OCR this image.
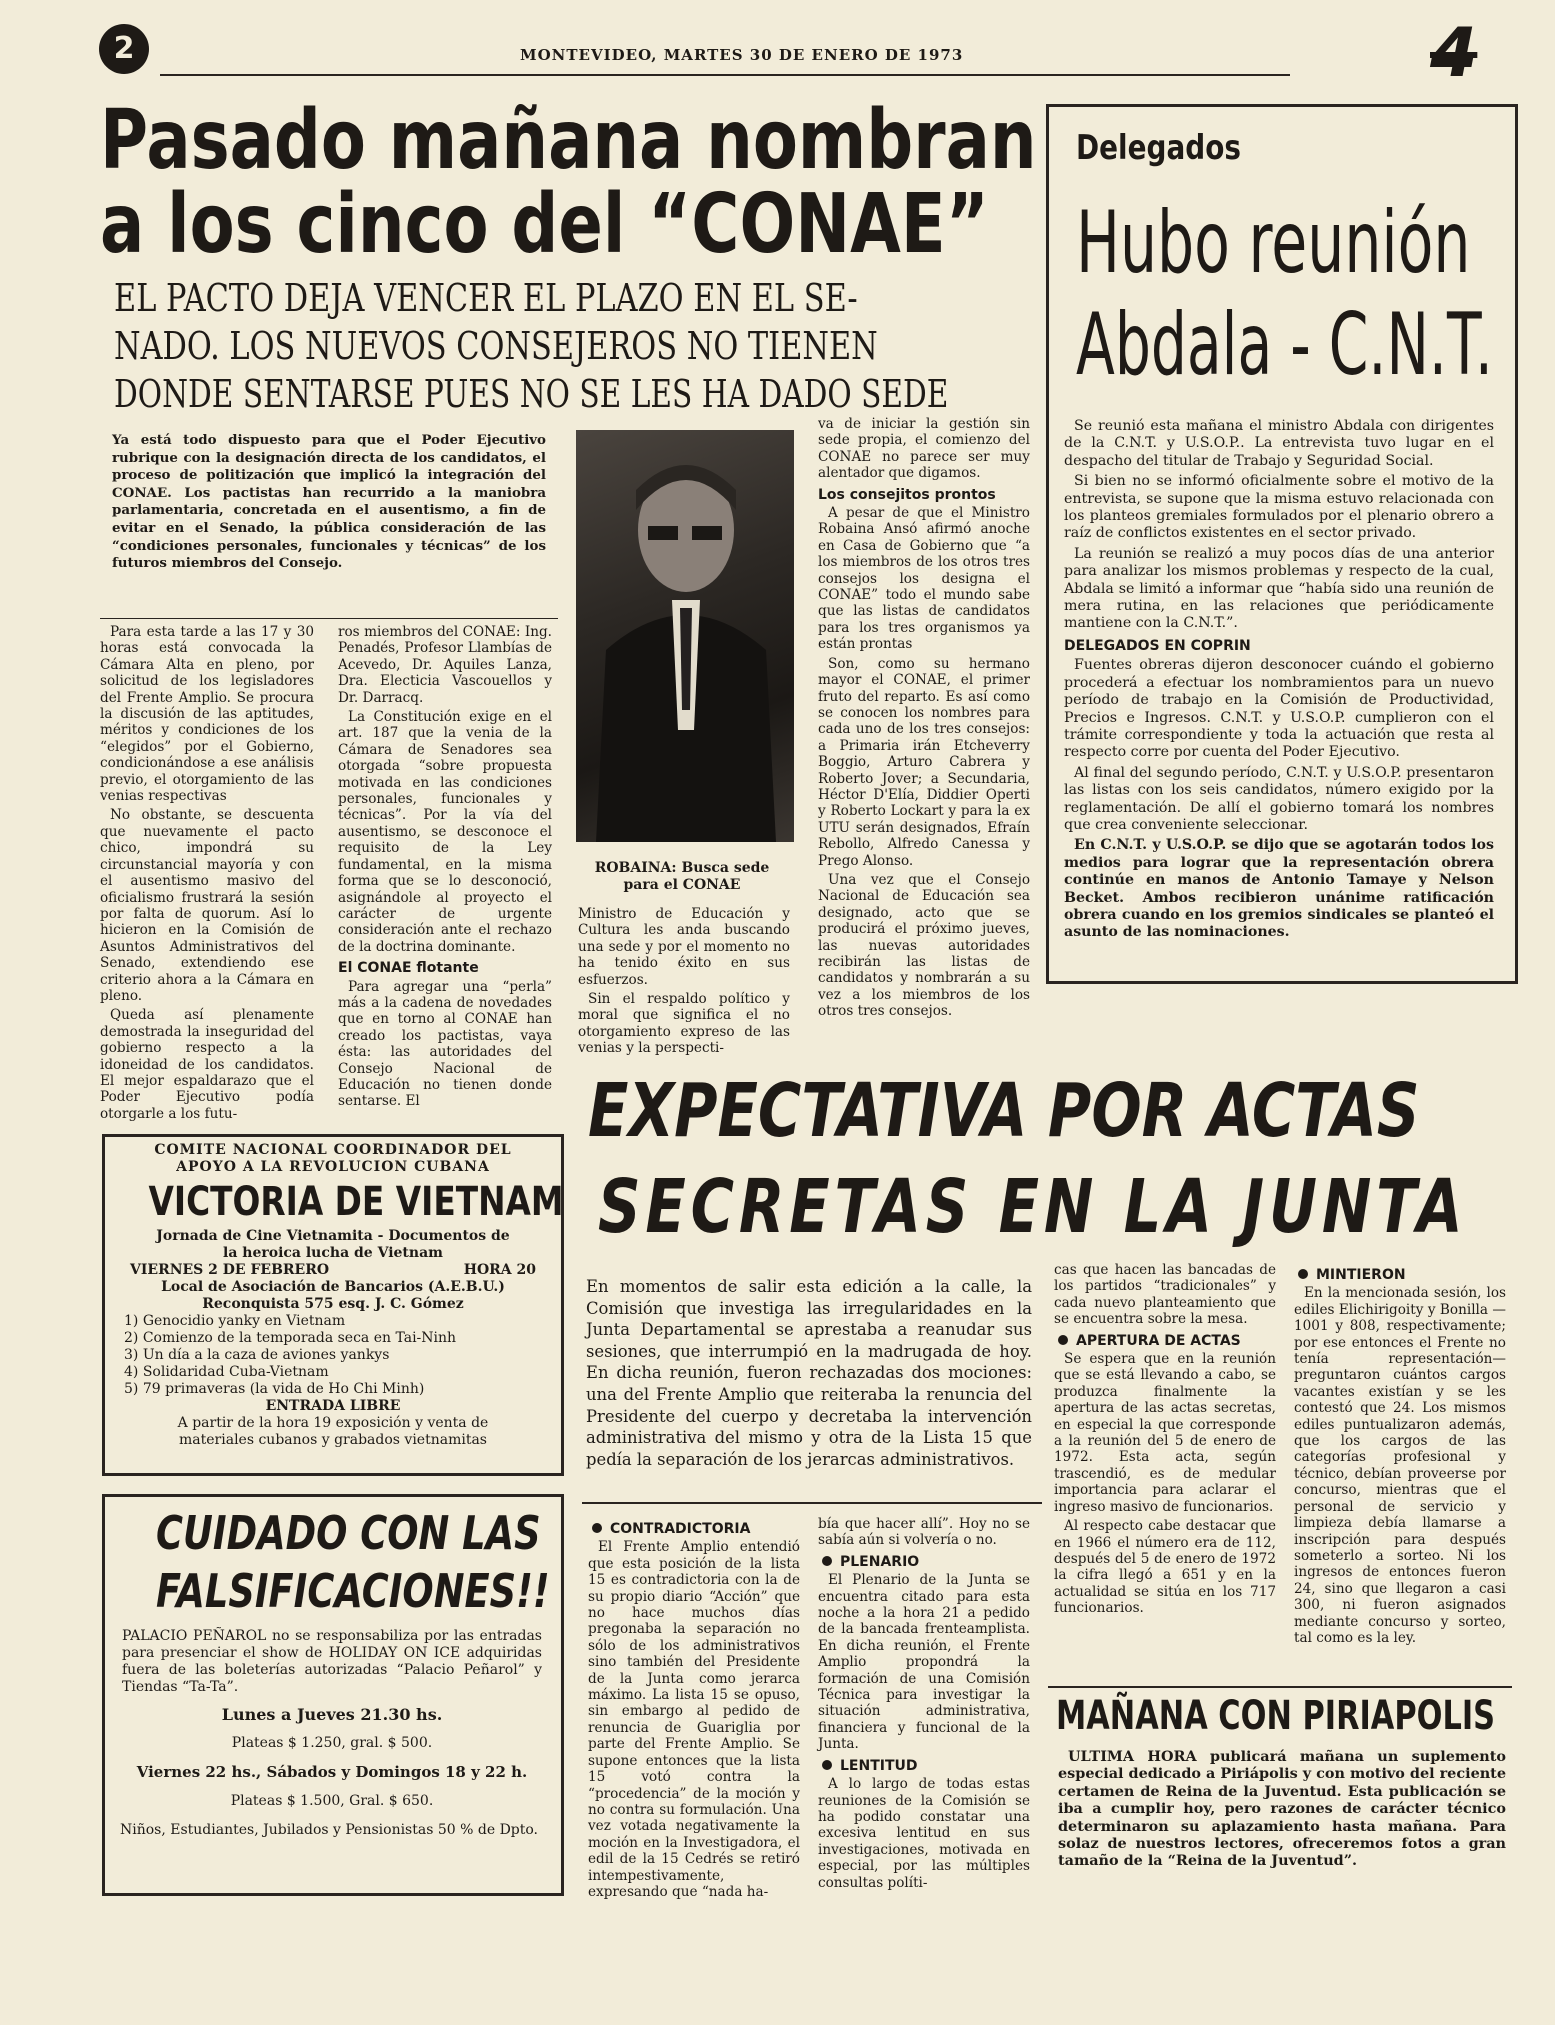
2	MONTEVIDEO, MARTES 30 DE ENERO DE 1973	4
Pasado mañana nombran
a los cinco del “CONAE”
EL PACTO DEJA VENCER EL PLAZO EN EL SE-
NADO. LOS NUEVOS CONSEJEROS NO TIENEN
DONDE SENTARSE PUES NO SE LES HA DADO SEDE

Ya está todo dispuesto para que el Poder Ejecutivo rubrique con la designación directa de los candidatos, el proceso de politización que implicó la integración del CONAE. Los pactistas han recurrido a la maniobra parlamentaria, concretada en el ausentismo, a fin de evitar en el Senado, la pública consideración de las “condiciones personales, funcionales y técnicas” de los futuros miembros del Consejo.

Para esta tarde a las 17 y 30 horas está convocada la Cámara Alta en pleno, por solicitud de los legisladores del Frente Amplio. Se procura la discusión de las aptitudes, méritos y condiciones de los “elegidos” por el Gobierno, condicionándose a ese análisis previo, el otorgamiento de las venias respectivas

No obstante, se descuenta que nuevamente el pacto chico, impondrá su circunstancial mayoría y con el ausentismo masivo del oficialismo frustrará la sesión por falta de quorum. Así lo hicieron en la Comisión de Asuntos Administrativos del Senado, extendiendo ese criterio ahora a la Cámara en pleno.

Queda así plenamente demostrada la inseguridad del gobierno respecto a la idoneidad de los candidatos. El mejor espaldarazo que el Poder Ejecutivo podía otorgarle a los futu-

ros miembros del CONAE: Ing. Penadés, Profesor Llambías de Acevedo, Dr. Aquiles Lanza, Dra. Electicia Vascouellos y Dr. Darracq.

La Constitución exige en el art. 187 que la venia de la Cámara de Senadores sea otorgada “sobre propuesta motivada en las condiciones personales, funcionales y técnicas”. Por la vía del ausentismo, se desconoce el requisito de la Ley fundamental, en la misma forma que se lo desconoció, asignándole al proyecto el carácter de urgente consideración ante el rechazo de la doctrina dominante.

El CONAE flotante

Para agregar una “perla” más a la cadena de novedades que en torno al CONAE han creado los pactistas, vaya ésta: las autoridades del Consejo Nacional de Educación no tienen donde sentarse. El

ROBAINA: Busca sede para el CONAE

Ministro de Educación y Cultura les anda buscando una sede y por el momento no ha tenido éxito en sus esfuerzos.

Sin el respaldo político y moral que significa el no otorgamiento expreso de las venias y la perspecti-

va de iniciar la gestión sin sede propia, el comienzo del CONAE no parece ser muy alentador que digamos.

Los consejitos prontos

A pesar de que el Ministro Robaina Ansó afirmó anoche en Casa de Gobierno que “a los miembros de los otros tres consejos los designa el CONAE” todo el mundo sabe que las listas de candidatos para los tres organismos ya están prontas

Son, como su hermano mayor el CONAE, el primer fruto del reparto. Es así como se conocen los nombres para cada uno de los tres consejos: a Primaria irán Etcheverry Boggio, Arturo Cabrera y Roberto Jover; a Secundaria, Héctor D'Elía, Diddier Operti y Roberto Lockart y para la ex UTU serán designados, Efraín Rebollo, Alfredo Canessa y Prego Alonso.

Una vez que el Consejo Nacional de Educación sea designado, acto que se producirá el próximo jueves, las nuevas autoridades recibirán las listas de candidatos y nombrarán a su vez a los miembros de los otros tres consejos.

Delegados
Hubo reunión
Abdala - C.N.T.

Se reunió esta mañana el ministro Abdala con dirigentes de la C.N.T. y U.S.O.P.. La entrevista tuvo lugar en el despacho del titular de Trabajo y Seguridad Social.

Si bien no se informó oficialmente sobre el motivo de la entrevista, se supone que la misma estuvo relacionada con los planteos gremiales formulados por el plenario obrero a raíz de conflictos existentes en el sector privado.

La reunión se realizó a muy pocos días de una anterior para analizar los mismos problemas y respecto de la cual, Abdala se limitó a informar que “había sido una reunión de mera rutina, en las relaciones que periódicamente mantiene con la C.N.T.”.

DELEGADOS EN COPRIN

Fuentes obreras dijeron desconocer cuándo el gobierno procederá a efectuar los nombramientos para un nuevo período de trabajo en la Comisión de Productividad, Precios e Ingresos. C.N.T. y U.S.O.P. cumplieron con el trámite correspondiente y toda la actuación que resta al respecto corre por cuenta del Poder Ejecutivo.

Al final del segundo período, C.N.T. y U.S.O.P. presentaron las listas con los seis candidatos, número exigido por la reglamentación. De allí el gobierno tomará los nombres que crea conveniente seleccionar.

En C.N.T. y U.S.O.P. se dijo que se agotarán todos los medios para lograr que la representación obrera continúe en manos de Antonio Tamaye y Nelson Becket. Ambos recibieron unánime ratificación obrera cuando en los gremios sindicales se planteó el asunto de las nominaciones.

COMITE NACIONAL COORDINADOR DEL
APOYO A LA REVOLUCION CUBANA
VICTORIA DE VIETNAM
Jornada de Cine Vietnamita - Documentos de
la heroica lucha de Vietnam
VIERNES 2 DE FEBRERO	HORA 20
Local de Asociación de Bancarios (A.E.B.U.)
Reconquista 575 esq. J. C. Gómez
1) Genocidio yanky en Vietnam
2) Comienzo de la temporada seca en Tai-Ninh
3) Un día a la caza de aviones yankys
4) Solidaridad Cuba-Vietnam
5) 79 primaveras (la vida de Ho Chi Minh)
ENTRADA LIBRE
A partir de la hora 19 exposición y venta de
materiales cubanos y grabados vietnamitas
CUIDADO CON LAS
FALSIFICACIONES!!
PALACIO PEÑAROL no se responsabiliza por las entradas para presenciar el show de HOLIDAY ON ICE adquiridas fuera de las boleterías autorizadas “Palacio Peñarol” y Tiendas “Ta-Ta”.
Lunes a Jueves 21.30 hs.
Plateas $ 1.250, gral. $ 500.
Viernes 22 hs., Sábados y Domingos 18 y 22 h.
Plateas $ 1.500, Gral. $ 650.
Niños, Estudiantes, Jubilados y Pensionistas 50 % de Dpto.
EXPECTATIVA POR ACTAS
SECRETAS EN LA JUNTA

En momentos de salir esta edición a la calle, la Comisión que investiga las irregularidades en la Junta Departamental se aprestaba a reanudar sus sesiones, que interrumpió en la madrugada de hoy. En dicha reunión, fueron rechazadas dos mociones: una del Frente Amplio que reiteraba la renuncia del Presidente del cuerpo y decretaba la intervención administrativa del mismo y otra de la Lista 15 que pedía la separación de los jerarcas administrativos.

CONTRADICTORIA

El Frente Amplio entendió que esta posición de la lista 15 es contradictoria con la de su propio diario “Acción” que no hace muchos días pregonaba la separación no sólo de los administrativos sino también del Presidente de la Junta como jerarca máximo. La lista 15 se opuso, sin embargo al pedido de renuncia de Guariglia por parte del Frente Amplio. Se supone entonces que la lista 15 votó contra la “procedencia” de la moción y no contra su formulación. Una vez votada negativamente la moción en la Investigadora, el edil de la 15 Cedrés se retiró intempestivamente, expresando que “nada ha-

bía que hacer allí”. Hoy no se sabía aún si volvería o no.

PLENARIO

El Plenario de la Junta se encuentra citado para esta noche a la hora 21 a pedido de la bancada frenteamplista. En dicha reunión, el Frente Amplio propondrá la formación de una Comisión Técnica para investigar la situación administrativa, financiera y funcional de la Junta.

LENTITUD

A lo largo de todas estas reuniones de la Comisión se ha podido constatar una excesiva lentitud en sus investigaciones, motivada en especial, por las múltiples consultas políti-

cas que hacen las bancadas de los partidos “tradicionales” y cada nuevo planteamiento que se encuentra sobre la mesa.

APERTURA DE ACTAS

Se espera que en la reunión que se está llevando a cabo, se produzca finalmente la apertura de las actas secretas, en especial la que corresponde a la reunión del 5 de enero de 1972. Esta acta, según trascendió, es de medular importancia para aclarar el ingreso masivo de funcionarios.

Al respecto cabe destacar que en 1966 el número era de 112, después del 5 de enero de 1972 la cifra llegó a 651 y en la actualidad se sitúa en los 717 funcionarios.

MINTIERON

En la mencionada sesión, los ediles Elichirigoity y Bonilla —1001 y 808, respectivamente; por ese entonces el Frente no tenía representación— preguntaron cuántos cargos vacantes existían y se les contestó que 24. Los mismos ediles puntualizaron además, que los cargos de las categorías profesional y técnico, debían proveerse por concurso, mientras que el personal de servicio y limpieza debía llamarse a inscripción para después someterlo a sorteo. Ni los ingresos de entonces fueron 24, sino que llegaron a casi 300, ni fueron asignados mediante concurso y sorteo, tal como es la ley.

MAÑANA CON PIRIAPOLIS

ULTIMA HORA publicará mañana un suplemento especial dedicado a Piriápolis y con motivo del reciente certamen de Reina de la Juventud. Esta publicación se iba a cumplir hoy, pero razones de carácter técnico determinaron su aplazamiento hasta mañana. Para solaz de nuestros lectores, ofreceremos fotos a gran tamaño de la “Reina de la Juventud”.
